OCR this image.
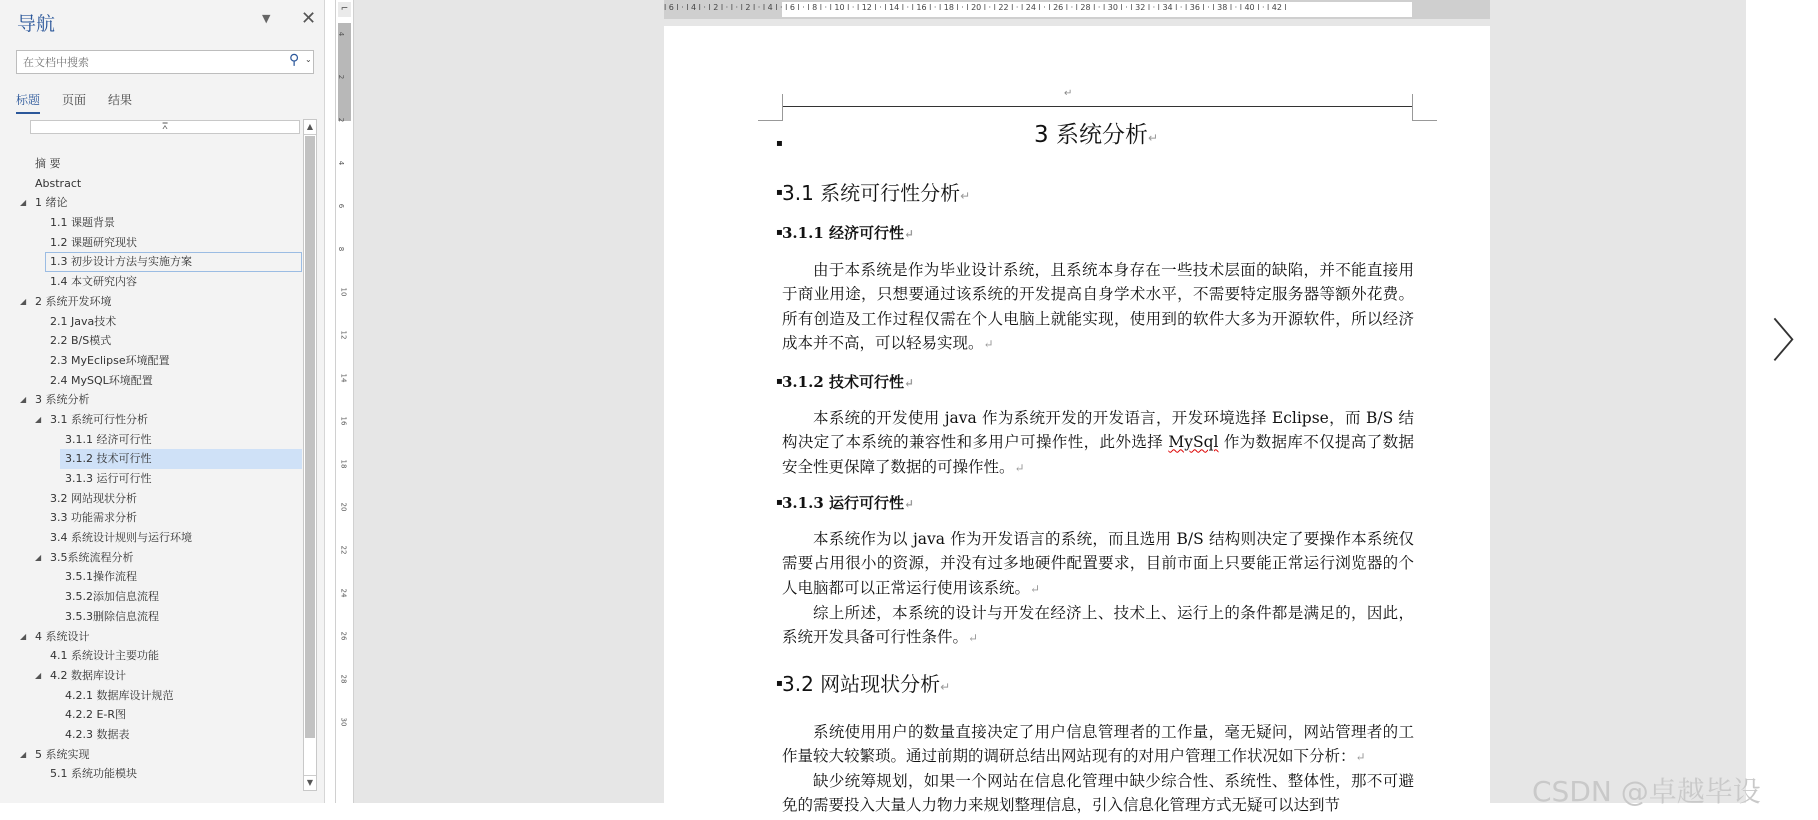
导航	▼ ✕
在文档中搜索
⚲ ⌄
标题 页面 结果
⩞
摘 要
Abstract
◢ 1 绪论
1.1 课题背景
1.2 课题研究现状
1.3 初步设计方法与实施方案
1.4 本文研究内容
◢ 2 系统开发环境
2.1 Java技术
2.2 B/S模式
2.3 MyEclipse环境配置
2.4 MySQL环境配置
◢ 3 系统分析
◢ 3.1 系统可行性分析
3.1.1 经济可行性
3.1.2 技术可行性
3.1.3 运行可行性
3.2 网站现状分析
3.3 功能需求分析
3.4 系统设计规则与运行环境
◢ 3.5系统流程分析
3.5.1操作流程
3.5.2添加信息流程
3.5.3删除信息流程
◢ 4 系统设计
4.1 系统设计主要功能
◢ 4.2 数据库设计
4.2.1 数据库设计规范
4.2.2 E-R图
4.2.3 数据表
◢ 5 系统实现
5.1 系统功能模块
▲
▼
⌐
4
2
2
4
6
8
10
12
14
16
18
20
22
24
26
28
30
l 6 l · l 4 l · l 2 l · l · l 2 l · l 4 l · l 6 l · l 8 l · l 10 l · l 12 l · l 14 l · l 16 l · l 18 l · l 20 l · l 22 l · l 24 l · l 26 l · l 28 l · l 30 l · l 32 l · l 34 l · l 36 l · l 38 l · l 40 l · l 42 l
↵
▪	3 系统分析↵
▪ 3.1 系统可行性分析↵
▪ 3.1.1 经济可行性↵
由于本系统是作为毕业设计系统，且系统本身存在一些技术层面的缺陷，并不能直接用于商业用途，只想要通过该系统的开发提高自身学术水平，不需要特定服务器等额外花费。所有创造及工作过程仅需在个人电脑上就能实现，使用到的软件大多为开源软件，所以经济成本并不高，可以轻易实现。↵
▪ 3.1.2 技术可行性↵
本系统的开发使用 java 作为系统开发的开发语言，开发环境选择 Eclipse，而 B/S 结构决定了本系统的兼容性和多用户可操作性，此外选择 MySql 作为数据库不仅提高了数据安全性更保障了数据的可操作性。↵
▪ 3.1.3 运行可行性↵
本系统作为以 java 作为开发语言的系统，而且选用 B/S 结构则决定了要操作本系统仅需要占用很小的资源，并没有过多地硬件配置要求，目前市面上只要能正常运行浏览器的个人电脑都可以正常运行使用该系统。↵
综上所述，本系统的设计与开发在经济上、技术上、运行上的条件都是满足的，因此，系统开发具备可行性条件。↵
▪ 3.2 网站现状分析↵
系统使用用户的数量直接决定了用户信息管理者的工作量，毫无疑问，网站管理者的工作量较大较繁琐。通过前期的调研总结出网站现有的对用户管理工作状况如下分析：↵
缺少统筹规划，如果一个网站在信息化管理中缺少综合性、系统性、整体性，那不可避免的需要投入大量人力物力来规划整理信息，引入信息化管理方式无疑可以达到节
〉
CSDN @卓越毕设
